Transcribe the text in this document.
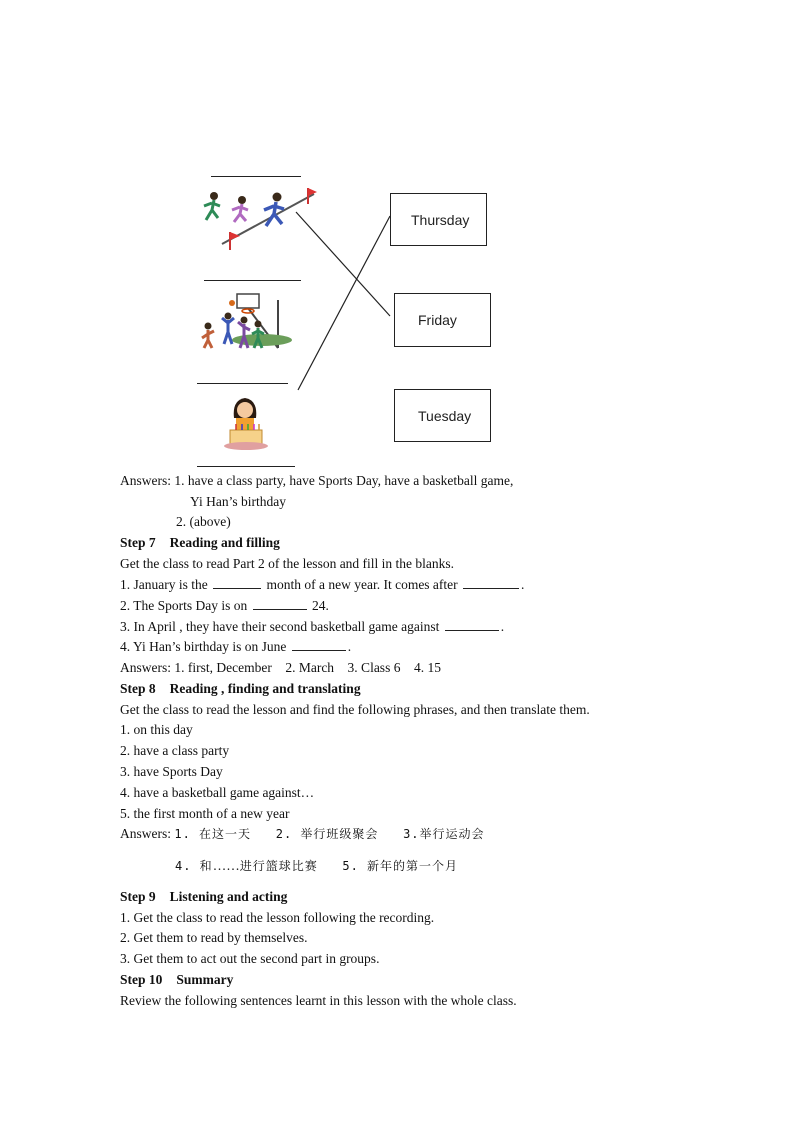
Thursday
Friday
Tuesday
Answers: 1. have a class party, have Sports Day, have a basketball game,
Yi Han’s birthday
2. (above)
Step 7 Reading and filling
Get the class to read Part 2 of the lesson and fill in the blanks.
1. January is the	month of a new year. It comes after	.
2. The Sports Day is on	24.
3. In April , they have their second basketball game against	.
4. Yi Han’s birthday is on June	.
Answers: 1. first, December    2. March    3. Class 6    4. 15
Step 8 Reading , finding and translating
Get the class to read the lesson and find the following phrases, and then translate them.
1. on this day
2. have a class party
3. have Sports Day
4. have a basketball game against…
5. the first month of a new year
Answers: 1. 在这一天   2. 举行班级聚会   3.举行运动会
4. 和……进行篮球比赛   5. 新年的第一个月
Step 9 Listening and acting
1. Get the class to read the lesson following the recording.
2. Get them to read by themselves.
3. Get them to act out the second part in groups.
Step 10 Summary
Review the following sentences learnt in this lesson with the whole class.
